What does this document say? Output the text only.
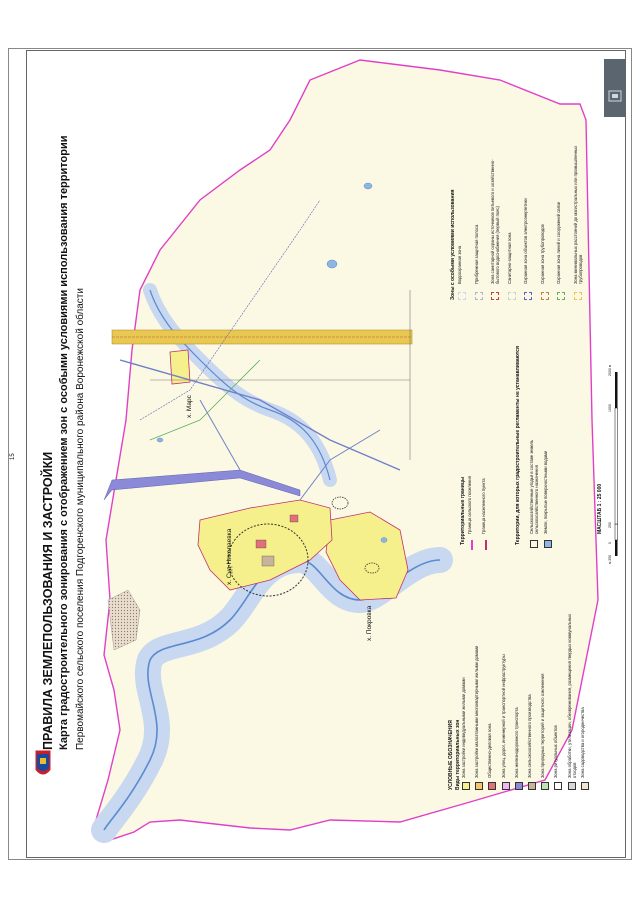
15 ПРАВИЛА ЗЕМЛЕПОЛЬЗОВАНИЯ И ЗАСТРОЙКИ Карта градостроительного зонирования с отображением зон с особыми условиями использования территории Первомайского сельского поселения Подгоренского муниципального района Воронежской области	х. Покровка
х. Суд-Николаевка
х. Марс
УСЛОВНЫЕ ОБОЗНАЧЕНИЯ Виды территориальных зон Зона застройки индивидуальными жилыми домами Зона застройки малоэтажными многоквартирными жилыми домами Общественно-деловая зона Зона улиц, дорог, инженерной и транспортной инфраструктуры Зона железнодорожного транспорта Зона сельскохозяйственного производства Зона природных территорий и защитного озеленения Зона ритуальных объектов Зона обработки, утилизации, обезвреживания, размещения твердых коммунальных отходов Зона садоводства и огородничества
Территориальные границы Граница сельского поселения Граница населенного пункта	Территории, для которых градостроительные регламенты не устанавливаются Сельскохозяйственные угодья в составе земель сельскохозяйственного назначения Земли, покрытые поверхностными водами
Зоны с особыми условиями использования Водоохранная зона	Прибрежная защитная полоса	Зона санитарной охраны источников питьевого и хозяйственно-бытового водоснабжения (первый пояс) Санитарно-защитная зона	Охранная зона объектов электроэнергетики	Охранная зона трубопроводов	Охранная зона линий и сооружений связи	Зона минимальных расстояний до магистральных или промышленных трубопроводов
МАСШТАБ 1 : 25 000
м 250
0
250
1000
2000 м
